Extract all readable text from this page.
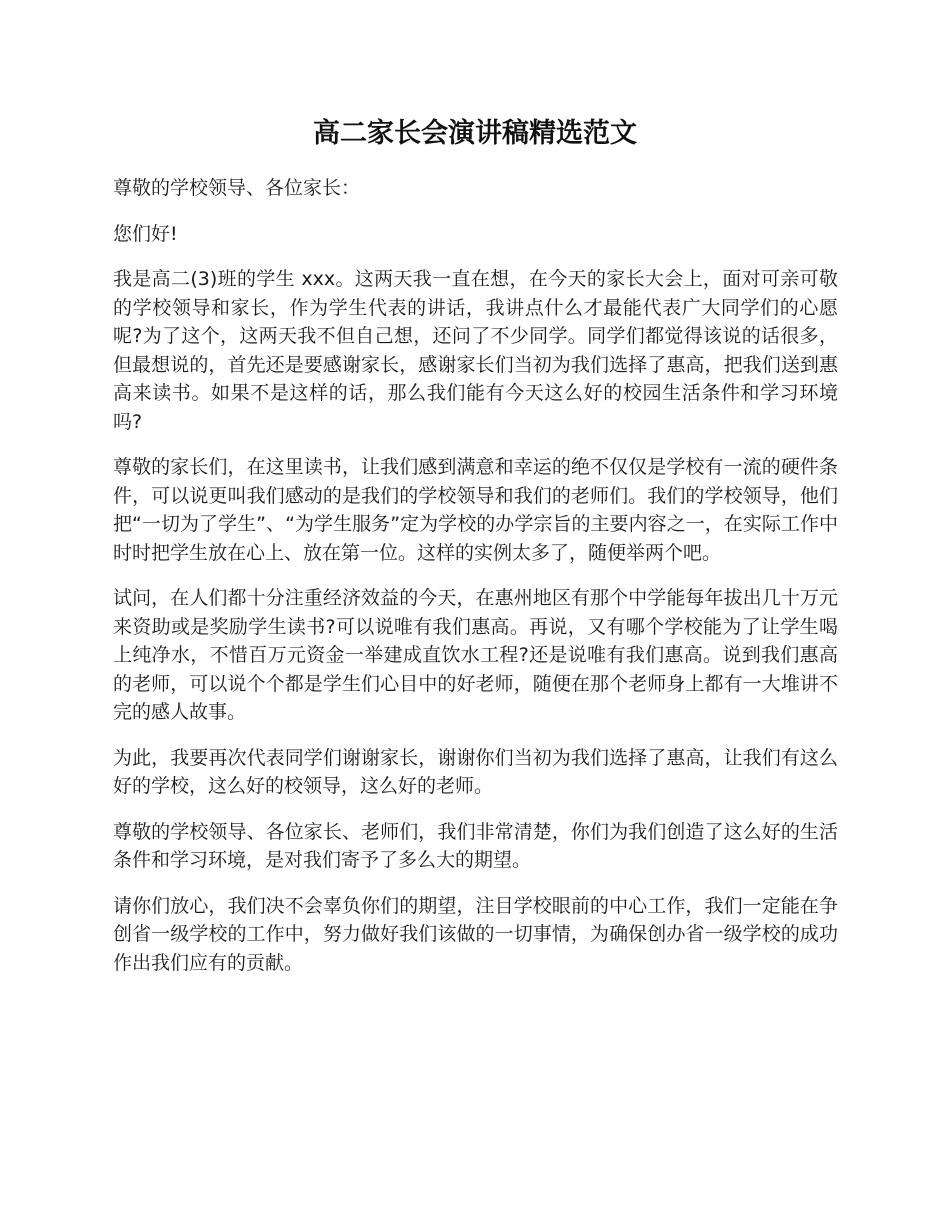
高二家长会演讲稿精选范文

尊敬的学校领导、各位家长：

您们好!

我是高二(3)班的学生 xxx。这两天我一直在想，在今天的家长大会上，面对可亲可敬的学校领导和家长，作为学生代表的讲话，我讲点什么才最能代表广大同学们的心愿呢?为了这个，这两天我不但自己想，还问了不少同学。同学们都觉得该说的话很多，但最想说的，首先还是要感谢家长，感谢家长们当初为我们选择了惠高，把我们送到惠高来读书。如果不是这样的话，那么我们能有今天这么好的校园生活条件和学习环境吗?

尊敬的家长们，在这里读书，让我们感到满意和幸运的绝不仅仅是学校有一流的硬件条件，可以说更叫我们感动的是我们的学校领导和我们的老师们。我们的学校领导，他们把“一切为了学生”、“为学生服务”定为学校的办学宗旨的主要内容之一，在实际工作中时时把学生放在心上、放在第一位。这样的实例太多了，随便举两个吧。

试问，在人们都十分注重经济效益的今天，在惠州地区有那个中学能每年拔出几十万元来资助或是奖励学生读书?可以说唯有我们惠高。再说，又有哪个学校能为了让学生喝上纯净水，不惜百万元资金一举建成直饮水工程?还是说唯有我们惠高。说到我们惠高的老师，可以说个个都是学生们心目中的好老师，随便在那个老师身上都有一大堆讲不完的感人故事。

为此，我要再次代表同学们谢谢家长，谢谢你们当初为我们选择了惠高，让我们有这么好的学校，这么好的校领导，这么好的老师。

尊敬的学校领导、各位家长、老师们，我们非常清楚，你们为我们创造了这么好的生活条件和学习环境，是对我们寄予了多么大的期望。

请你们放心，我们决不会辜负你们的期望，注目学校眼前的中心工作，我们一定能在争创省一级学校的工作中，努力做好我们该做的一切事情，为确保创办省一级学校的成功作出我们应有的贡献。
